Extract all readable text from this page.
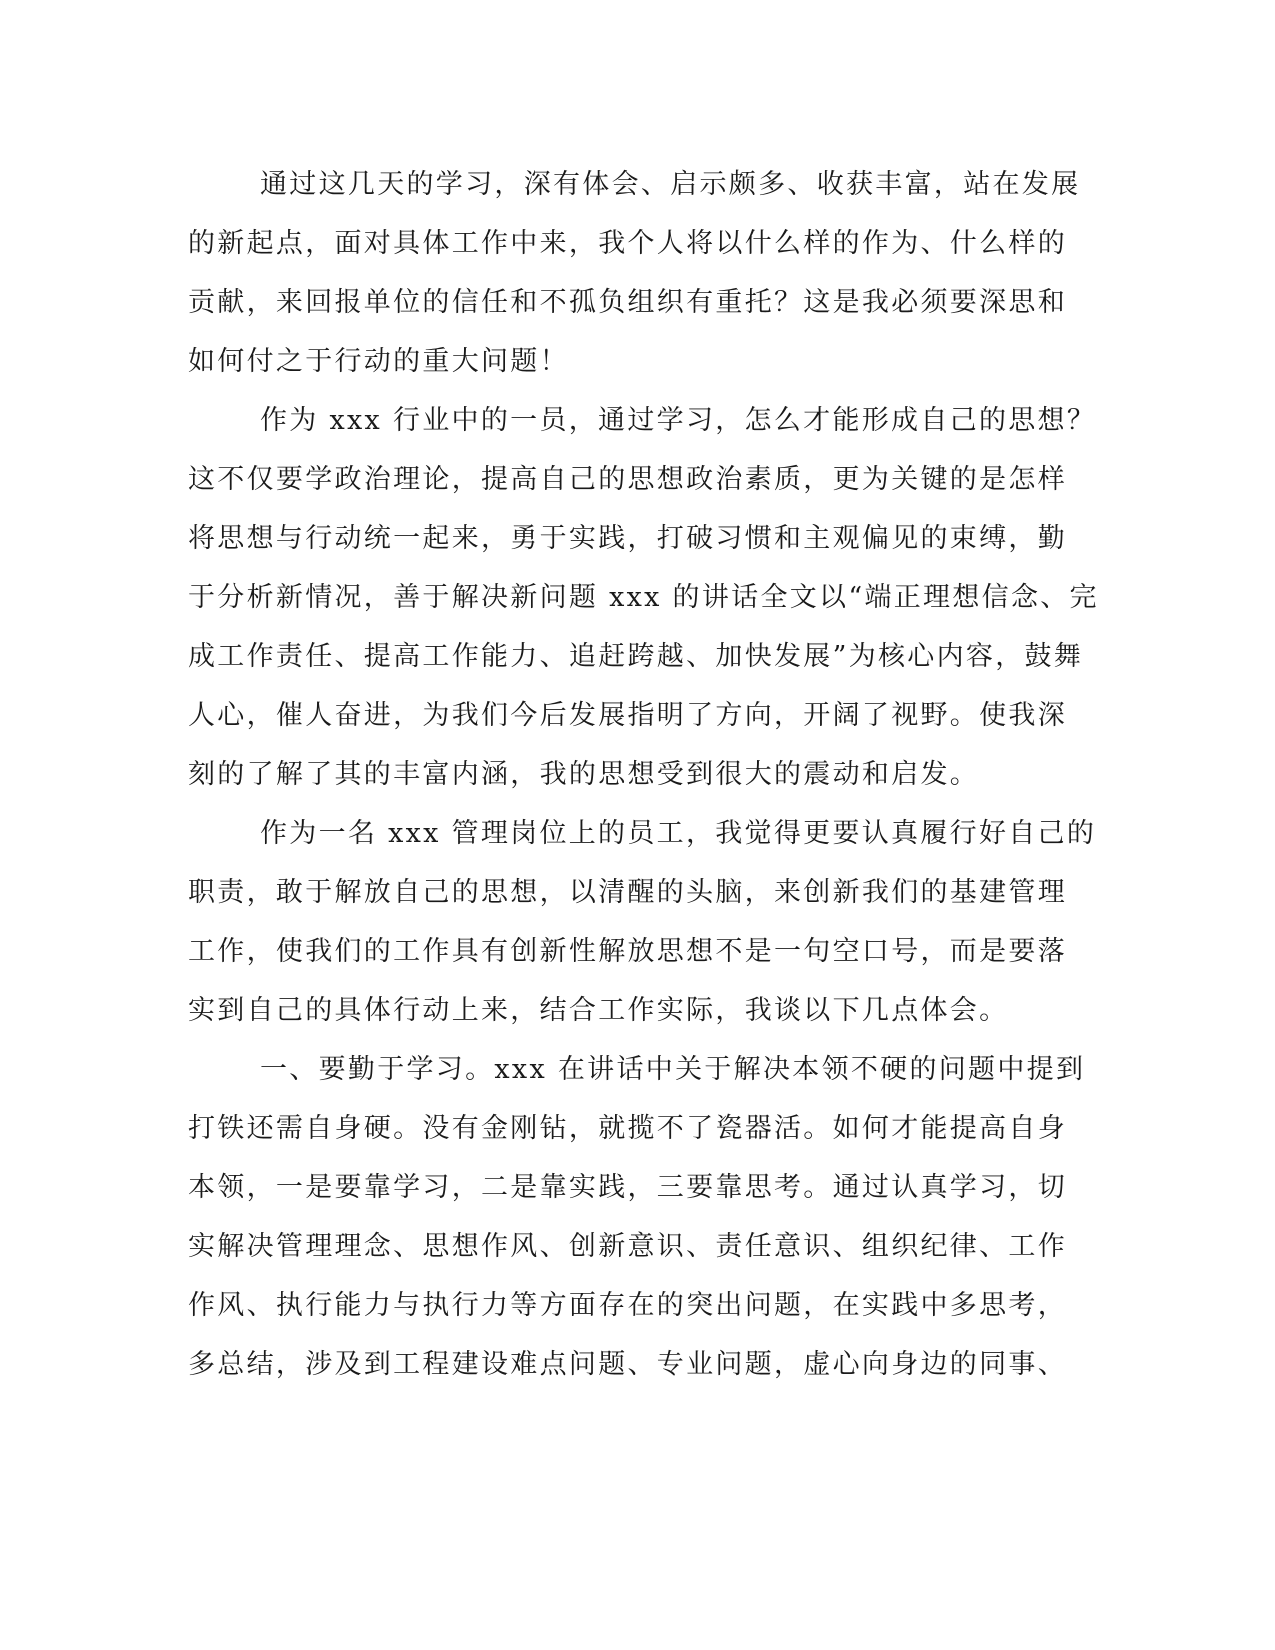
通过这几天的学习，深有体会、启示颇多、收获丰富，站在发展
的新起点，面对具体工作中来，我个人将以什么样的作为、什么样的
贡献，来回报单位的信任和不孤负组织有重托？这是我必须要深思和
如何付之于行动的重大问题！
作为 xxx 行业中的一员，通过学习，怎么才能形成自己的思想？
这不仅要学政治理论，提高自己的思想政治素质，更为关键的是怎样
将思想与行动统一起来，勇于实践，打破习惯和主观偏见的束缚，勤
于分析新情况，善于解决新问题 xxx 的讲话全文以“端正理想信念、完
成工作责任、提高工作能力、追赶跨越、加快发展”为核心内容，鼓舞
人心，催人奋进，为我们今后发展指明了方向，开阔了视野。使我深
刻的了解了其的丰富内涵，我的思想受到很大的震动和启发。
作为一名 xxx 管理岗位上的员工，我觉得更要认真履行好自己的
职责，敢于解放自己的思想，以清醒的头脑，来创新我们的基建管理
工作，使我们的工作具有创新性解放思想不是一句空口号，而是要落
实到自己的具体行动上来，结合工作实际，我谈以下几点体会。
一、要勤于学习。xxx 在讲话中关于解决本领不硬的问题中提到
打铁还需自身硬。没有金刚钻，就揽不了瓷器活。如何才能提高自身
本领，一是要靠学习，二是靠实践，三要靠思考。通过认真学习，切
实解决管理理念、思想作风、创新意识、责任意识、组织纪律、工作
作风、执行能力与执行力等方面存在的突出问题，在实践中多思考，
多总结，涉及到工程建设难点问题、专业问题，虚心向身边的同事、
